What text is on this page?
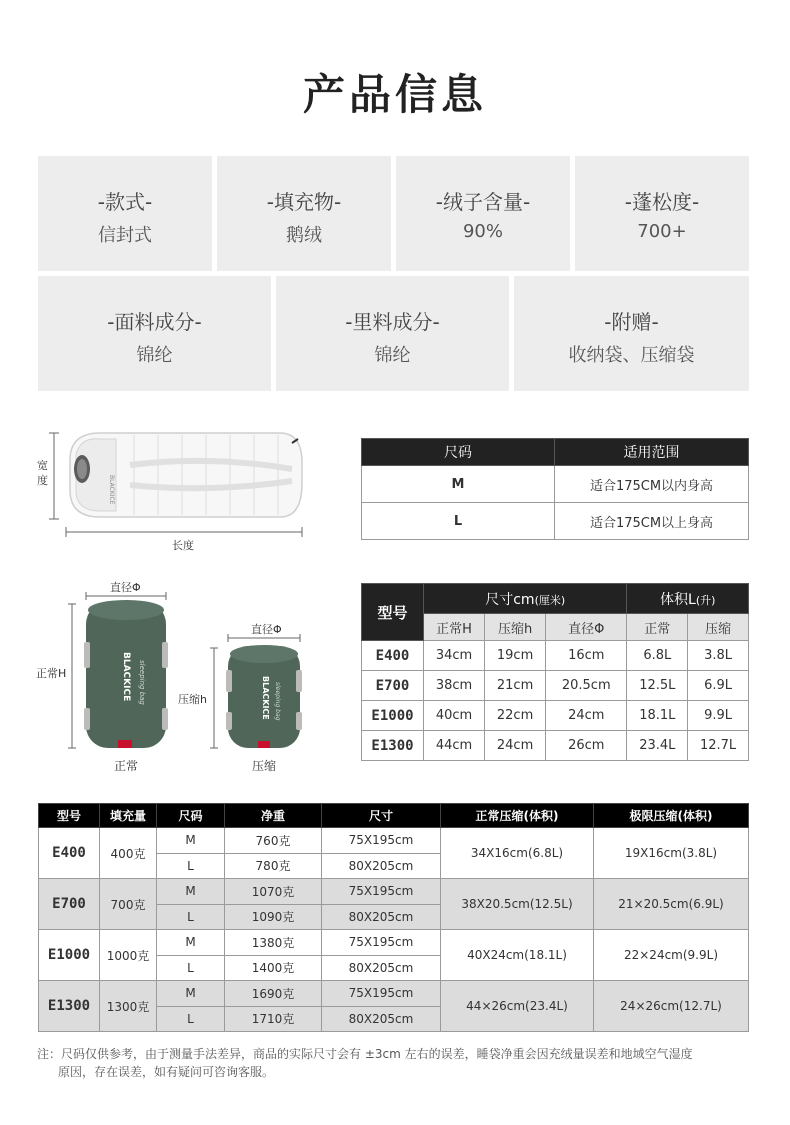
产品信息
-款式-
信封式
-填充物-
鹅绒
-绒子含量-
90%
-蓬松度-
700+
-面料成分-
锦纶
-里料成分-
锦纶
-附赠-
收纳袋、压缩袋
BLACKICE
宽
度
长度
尺码	适用范围
M	适合175CM以内身高
L	适合175CM以上身高
BLACKICE sleeping bag	BLACKICE sleeping bag
直径Φ
直径Φ
正常H
压缩h
正常	压缩
型号	尺寸cm(厘米)			体积L(升)	
	正常H	压缩h	直径Φ	正常	压缩
E400	34cm	19cm	16cm	6.8L	3.8L
E700	38cm	21cm	20.5cm	12.5L	6.9L
E1000	40cm	22cm	24cm	18.1L	9.9L
E1300	44cm	24cm	26cm	23.4L	12.7L
型号	填充量	尺码	净重	尺寸	正常压缩(体积)	极限压缩(体积)
E400	400克	M	760克	75X195cm	34X16cm(6.8L)	19X16cm(3.8L)
		L	780克	80X205cm		
E700	700克	M	1070克	75X195cm	38X20.5cm(12.5L)	21×20.5cm(6.9L)
		L	1090克	80X205cm		
E1000	1000克	M	1380克	75X195cm	40X24cm(18.1L)	22×24cm(9.9L)
		L	1400克	80X205cm		
E1300	1300克	M	1690克	75X195cm	44×26cm(23.4L)	24×26cm(12.7L)
		L	1710克	80X205cm		
注：尺码仅供参考，由于测量手法差异，商品的实际尺寸会有 ±3cm 左右的误差，睡袋净重会因充绒量误差和地域空气湿度
原因，存在误差，如有疑问可咨询客服。
